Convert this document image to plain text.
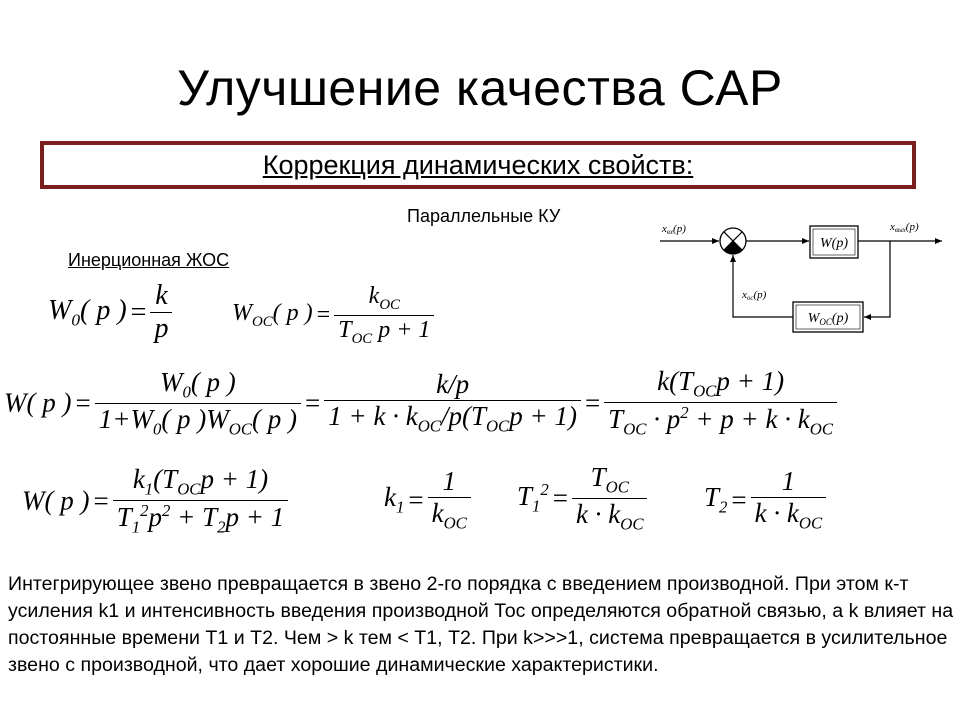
Улучшение качества САР
Коррекция динамических свойств:
Параллельные КУ
Инерционная ЖОС
W(p)
$W_{OC}(p)$
xвх(p)	xвых(p)
xос(p)
$W_0$( p ) = $\frac{k}{p} W_{OC}$( p ) = $\frac{k_{OC}}{T_{OC} p + 1}$
W( p ) = $\frac{W_0( p )}{1+W_0( p )W_{OC}( p )} = \frac{k/p}{1 + k \cdot k_{OC}/p(T_{OC}p + 1)} = \frac{k(T_{OC}p + 1)}{T_{OC} \cdot p^2 + p + k \cdot k_{OC}}$
W( p ) = $\frac{k_1(T_{OC}p + 1)}{T_1^2p^2 + T_2p + 1}$	$k_1 = \frac{1}{k_{OC}} T_1^2 = \frac{T_{OC}}{k \cdot k_{OC}} T_2 = \frac{1}{k \cdot k_{OC}}$
Интегрирующее звено превращается в звено 2-го порядка с введением производной. При этом к-т усиления k1 и интенсивность введения производной Тос определяются обратной связью, а k влияет на постоянные времени Т1 и Т2. Чем > k тем < Т1, Т2. При k>>>1, система превращается в усилительное звено с производной, что дает хорошие динамические характеристики.
